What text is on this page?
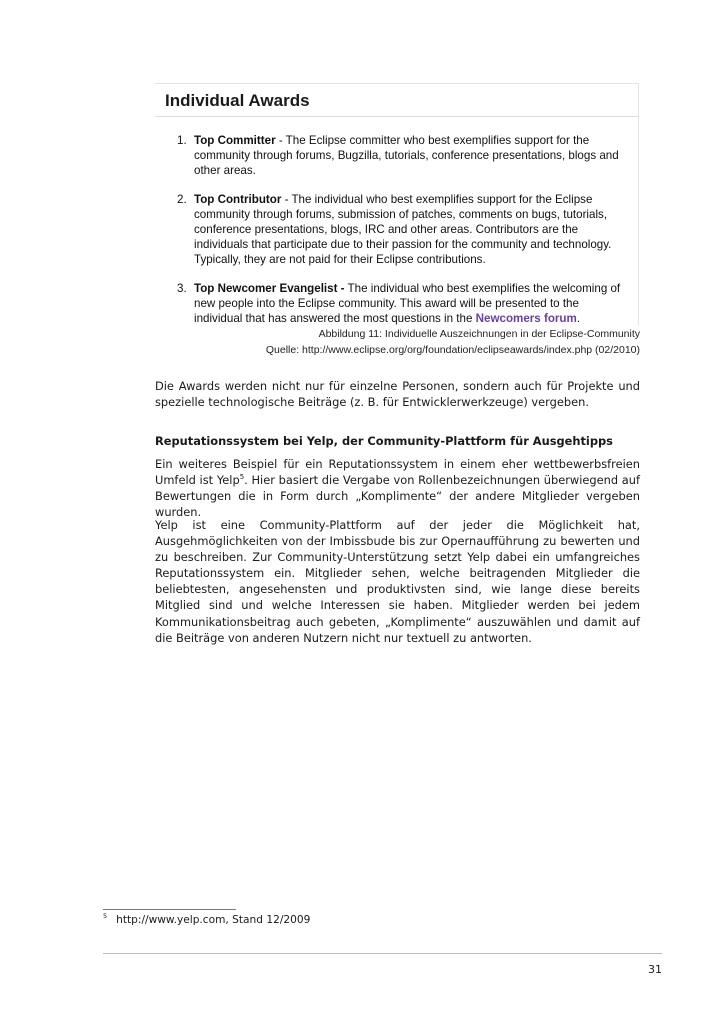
Individual Awards
1. Top Committer - The Eclipse committer who best exemplifies support for the community through forums, Bugzilla, tutorials, conference presentations, blogs and other areas.
2. Top Contributor - The individual who best exemplifies support for the Eclipse community through forums, submission of patches, comments on bugs, tutorials, conference presentations, blogs, IRC and other areas. Contributors are the individuals that participate due to their passion for the community and technology. Typically, they are not paid for their Eclipse contributions.
3. Top Newcomer Evangelist - The individual who best exemplifies the welcoming of new people into the Eclipse community. This award will be presented to the individual that has answered the most questions in the Newcomers forum.
Abbildung 11: Individuelle Auszeichnungen in der Eclipse-Community
Quelle: http://www.eclipse.org/org/foundation/eclipseawards/index.php (02/2010)
Die Awards werden nicht nur für einzelne Personen, sondern auch für Projekte und spezielle technologische Beiträge (z. B. für Entwicklerwerkzeuge) vergeben.
Reputationssystem bei Yelp, der Community-Plattform für Ausgehtipps
Ein weiteres Beispiel für ein Reputationssystem in einem eher wettbewerbsfreien Umfeld ist Yelp$^5$. Hier basiert die Vergabe von Rollenbezeichnungen überwiegend auf Bewertungen die in Form durch „Komplimente“ der andere Mitglieder vergeben wurden.
Yelp ist eine Community-Plattform auf der jeder die Möglichkeit hat, Ausgehmöglichkeiten von der Imbissbude bis zur Opernaufführung zu bewerten und zu beschreiben. Zur Community-Unterstützung setzt Yelp dabei ein umfangreiches Reputationssystem ein. Mitglieder sehen, welche beitragenden Mitglieder die beliebtesten, angesehensten und produktivsten sind, wie lange diese bereits Mitglied sind und welche Interessen sie haben. Mitglieder werden bei jedem Kommunikationsbeitrag auch gebeten, „Komplimente“ auszuwählen und damit auf die Beiträge von anderen Nutzern nicht nur textuell zu antworten.
$^5$ http://www.yelp.com, Stand 12/2009
31
